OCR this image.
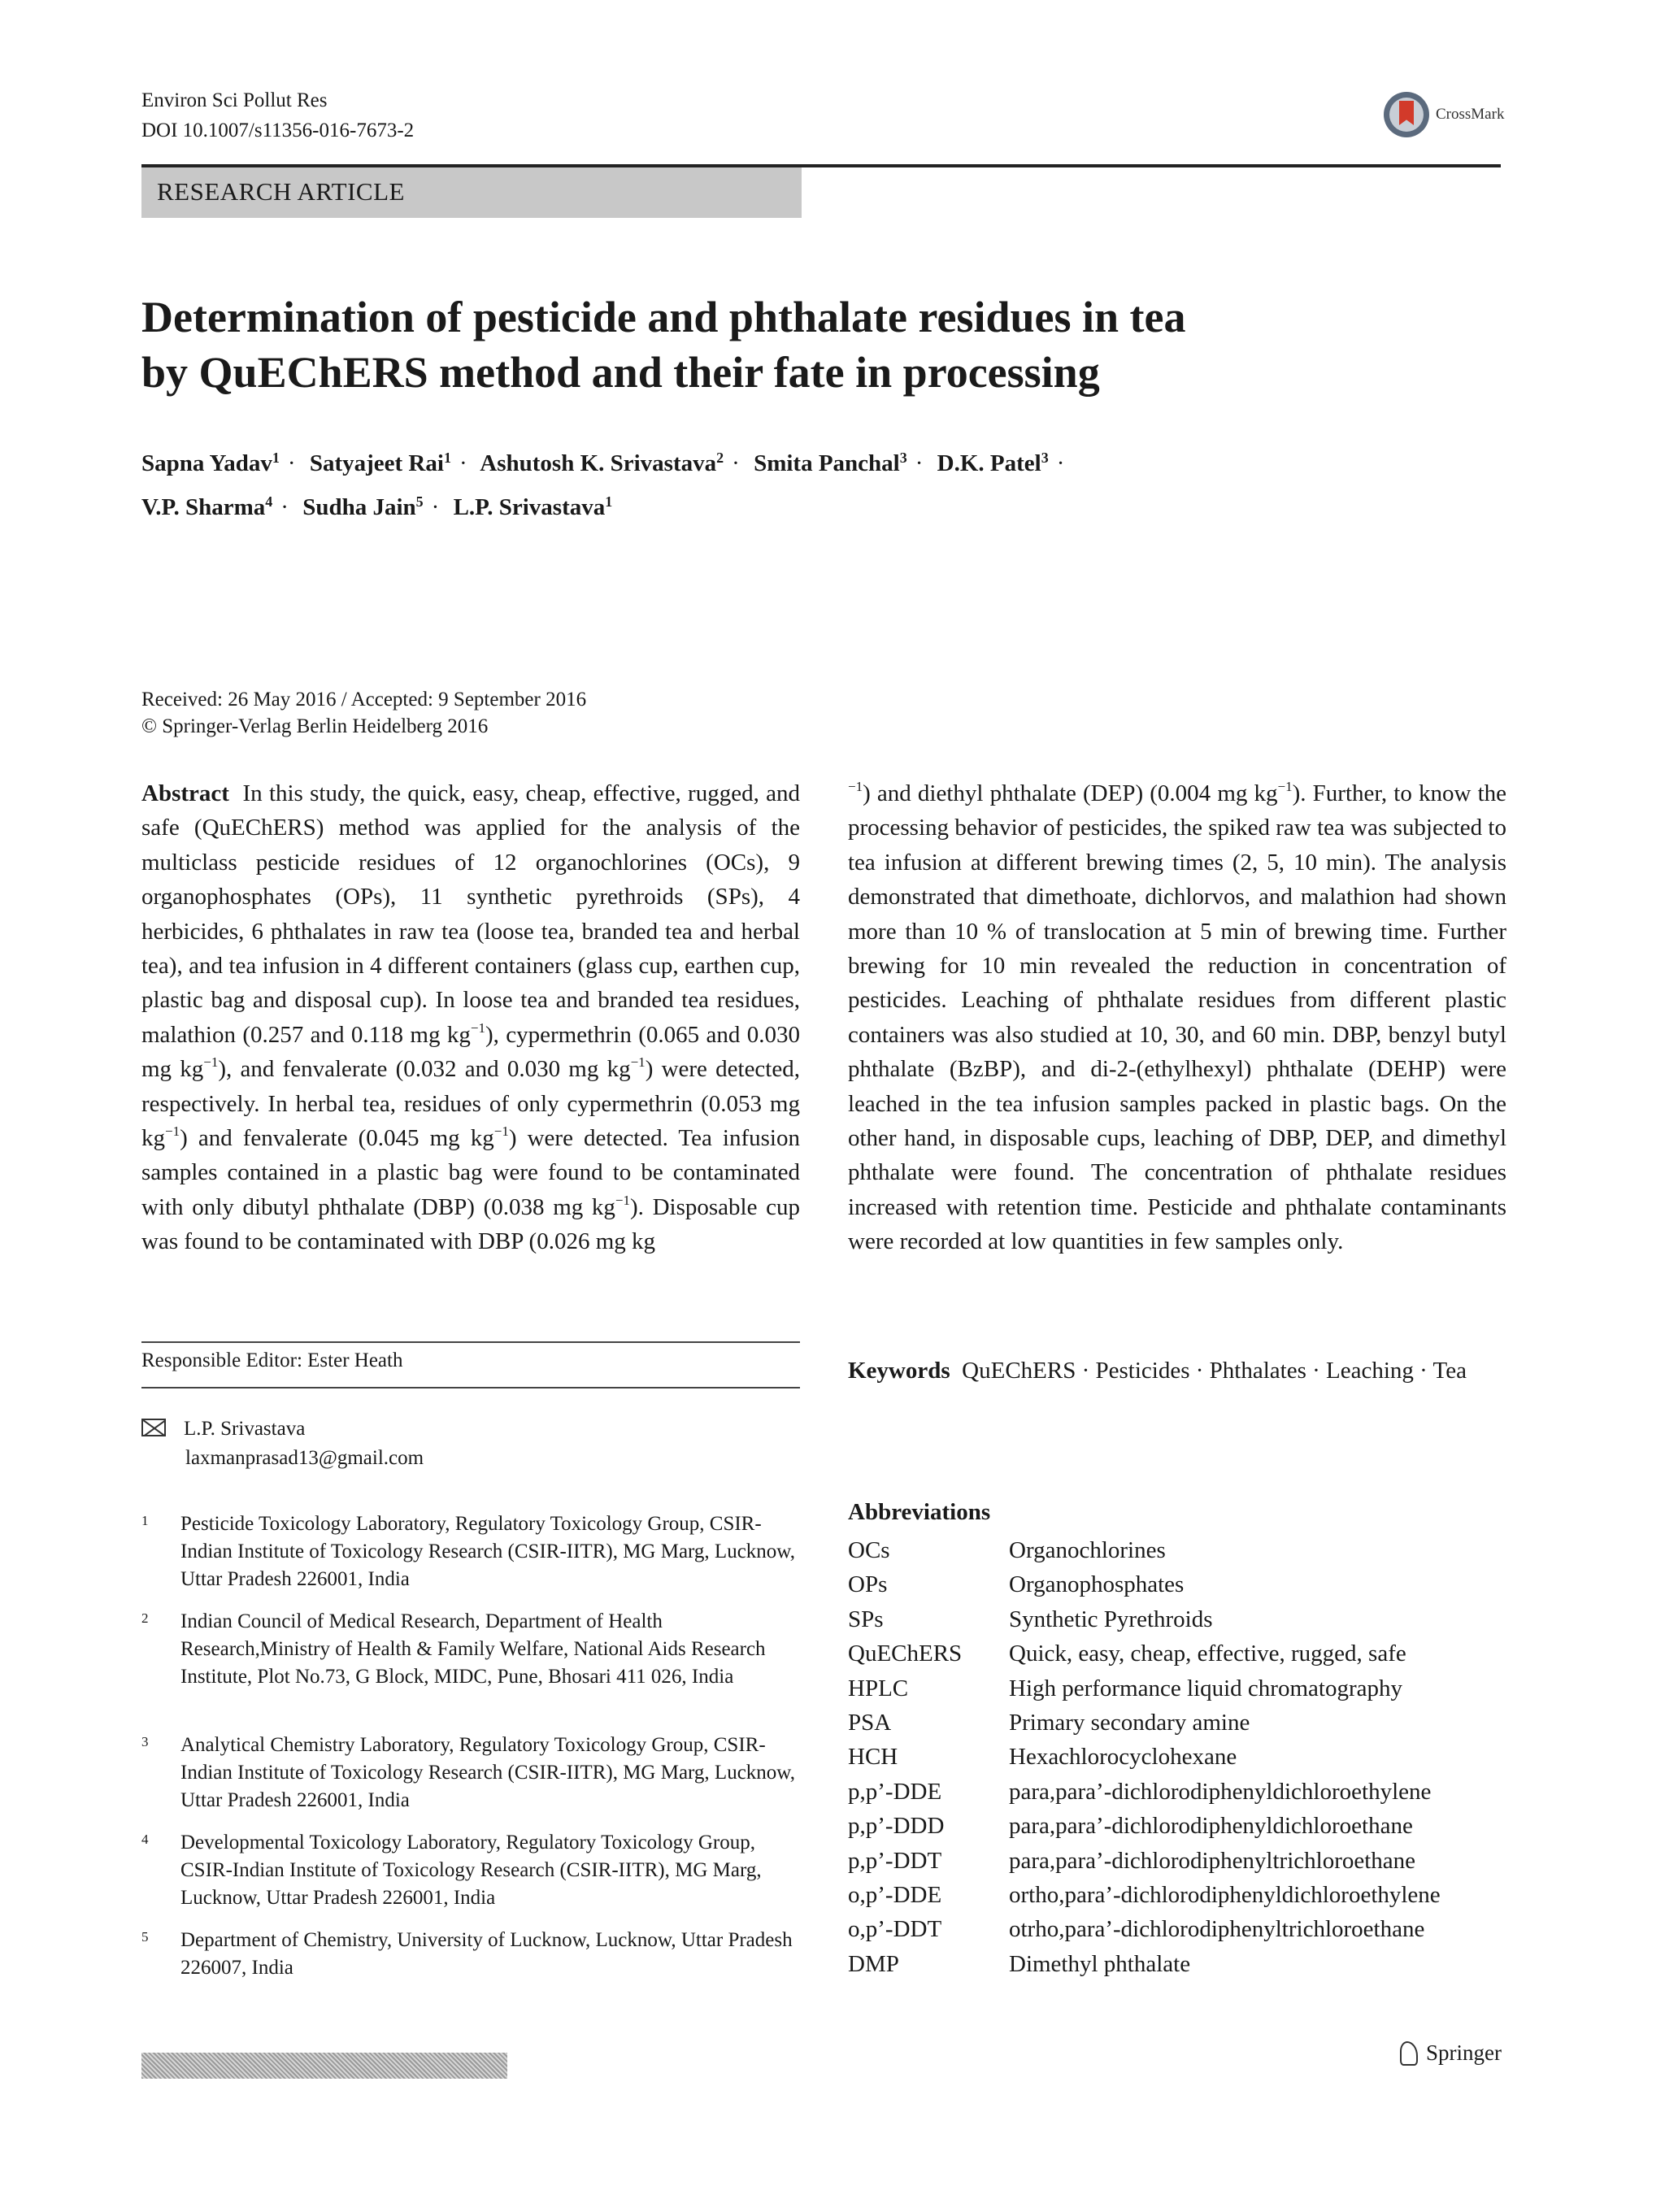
Environ Sci Pollut Res
DOI 10.1007/s11356-016-7673-2
CrossMark
RESEARCH ARTICLE
Determination of pesticide and phthalate residues in tea
by QuEChERS method and their fate in processing
Sapna Yadav$^1$ · Satyajeet Rai$^1$ · Ashutosh K. Srivastava$^2$ · Smita Panchal$^3$ · D.K. Patel$^3$ ·
V.P. Sharma$^4$ · Sudha Jain$^5$ · L.P. Srivastava$^1$
Received: 26 May 2016 / Accepted: 9 September 2016
© Springer-Verlag Berlin Heidelberg 2016
Abstract In this study, the quick, easy, cheap, effective, rugged, and safe (QuEChERS) method was applied for the analysis of the multiclass pesticide residues of 12 organochlorines (OCs), 9 organophosphates (OPs), 11 synthetic pyrethroids (SPs), 4 herbicides, 6 phthalates in raw tea (loose tea, branded tea and herbal tea), and tea infusion in 4 different containers (glass cup, earthen cup, plastic bag and disposal cup). In loose tea and branded tea residues, malathion (0.257 and 0.118 mg $kg^{-1}$), cypermethrin (0.065 and 0.030 mg $kg^{-1}$), and fenvalerate (0.032 and 0.030 mg $kg^{-1}$) were detected, respectively. In herbal tea, residues of only cypermethrin (0.053 mg $kg^{-1}$) and fenvalerate (0.045 mg $kg^{-1}$) were detected. Tea infusion samples contained in a plastic bag were found to be contaminated with only dibutyl phthalate (DBP) (0.038 mg $kg^{-1}$). Disposable cup was found to be contaminated with DBP (0.026 mg kg
$^{-1}$) and diethyl phthalate (DEP) (0.004 mg $kg^{-1}$). Further, to know the processing behavior of pesticides, the spiked raw tea was subjected to tea infusion at different brewing times (2, 5, 10 min). The analysis demonstrated that dimethoate, dichlorvos, and malathion had shown more than 10 % of translocation at 5 min of brewing time. Further brewing for 10 min revealed the reduction in concentration of pesticides. Leaching of phthalate residues from different plastic containers was also studied at 10, 30, and 60 min. DBP, benzyl butyl phthalate (BzBP), and di-2-(ethylhexyl) phthalate (DEHP) were leached in the tea infusion samples packed in plastic bags. On the other hand, in disposable cups, leaching of DBP, DEP, and dimethyl phthalate were found. The concentration of phthalate residues increased with retention time. Pesticide and phthalate contaminants were recorded at low quantities in few samples only.
Responsible Editor: Ester Heath
L.P. Srivastava
laxmanprasad13@gmail.com
1 Pesticide Toxicology Laboratory, Regulatory Toxicology Group, CSIR-Indian Institute of Toxicology Research (CSIR-IITR), MG Marg, Lucknow, Uttar Pradesh 226001, India
2 Indian Council of Medical Research, Department of Health Research,Ministry of Health & Family Welfare, National Aids Research Institute, Plot No.73, G Block, MIDC, Pune, Bhosari 411 026, India
3 Analytical Chemistry Laboratory, Regulatory Toxicology Group, CSIR-Indian Institute of Toxicology Research (CSIR-IITR), MG Marg, Lucknow, Uttar Pradesh 226001, India
4 Developmental Toxicology Laboratory, Regulatory Toxicology Group, CSIR-Indian Institute of Toxicology Research (CSIR-IITR), MG Marg, Lucknow, Uttar Pradesh 226001, India
5 Department of Chemistry, University of Lucknow, Lucknow, Uttar Pradesh 226007, India
Keywords QuEChERS · Pesticides · Phthalates · Leaching · Tea
Abbreviations
OCs	Organochlorines
OPs	Organophosphates
SPs	Synthetic Pyrethroids
QuEChERS	Quick, easy, cheap, effective, rugged, safe
HPLC	High performance liquid chromatography
PSA	Primary secondary amine
HCH	Hexachlorocyclohexane
p,p’-DDE	para,para’-dichlorodiphenyldichloroethylene
p,p’-DDD	para,para’-dichlorodiphenyldichloroethane
p,p’-DDT	para,para’-dichlorodiphenyltrichloroethane
o,p’-DDE	ortho,para’-dichlorodiphenyldichloroethylene
o,p’-DDT	otrho,para’-dichlorodiphenyltrichloroethane
DMP	Dimethyl phthalate
Springer
